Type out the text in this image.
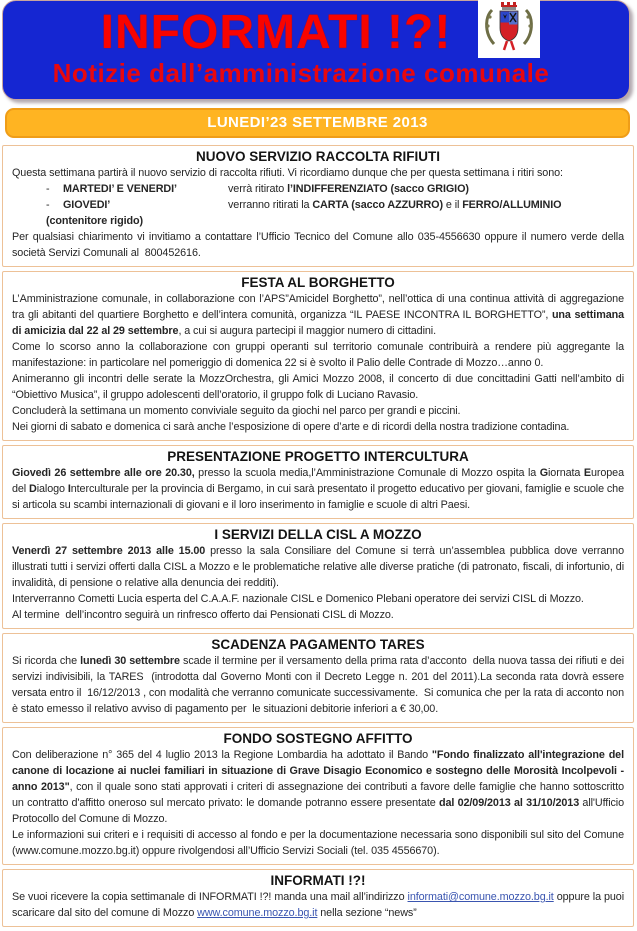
INFORMATI !?!
Notizie dall’amministrazione comunale
LUNEDI’23 SETTEMBRE 2013
NUOVO SERVIZIO RACCOLTA RIFIUTI

Questa settimana partirà il nuovo servizio di raccolta rifiuti. Vi ricordiamo dunque che per questa settimana i ritiri sono:

- MARTEDI’ E VENERDI’	verrà ritirato l’INDIFFERENZIATO (sacco GRIGIO)

- GIOVEDI’	verranno ritirati la CARTA (sacco AZZURRO) e il FERRO/ALLUMINIO (contenitore rigido)

Per qualsiasi chiarimento vi invitiamo a contattare l’Ufficio Tecnico del Comune allo 035-4556630 oppure il numero verde della società Servizi Comunali al  800452616.

FESTA AL BORGHETTO

L’Amministrazione comunale, in collaborazione con l’APS”Amicidel Borghetto”, nell’ottica di una continua attività di aggregazione tra gli abitanti del quartiere Borghetto e dell’intera comunità, organizza “IL PAESE INCONTRA IL BORGHETTO”, una settimana di amicizia dal 22 al 29 settembre, a cui si augura partecipi il maggior numero di cittadini.

Come lo scorso anno la collaborazione con gruppi operanti sul territorio comunale contribuirà a rendere più aggregante la manifestazione: in particolare nel pomeriggio di domenica 22 si è svolto il Palio delle Contrade di Mozzo…anno 0.

Animeranno gli incontri delle serate la MozzOrchestra, gli Amici Mozzo 2008, il concerto di due concittadini Gatti nell’ambito di “Obiettivo Musica”, il gruppo adolescenti dell’oratorio, il gruppo folk di Luciano Ravasio.

Concluderà la settimana un momento conviviale seguito da giochi nel parco per grandi e piccini.

Nei giorni di sabato e domenica ci sarà anche l’esposizione di opere d’arte e di ricordi della nostra tradizione contadina.

PRESENTAZIONE PROGETTO INTERCULTURA

Giovedì 26 settembre alle ore 20.30, presso la scuola media,l’Amministrazione Comunale di Mozzo ospita la Giornata Europea del Dialogo Interculturale per la provincia di Bergamo, in cui sarà presentato il progetto educativo per giovani, famiglie e scuole che si articola su scambi internazionali di giovani e il loro inserimento in famiglie e scuole di altri Paesi.

I SERVIZI DELLA CISL A MOZZO

Venerdì 27 settembre 2013 alle 15.00 presso la sala Consiliare del Comune si terrà un’assemblea pubblica dove verranno illustrati tutti i servizi offerti dalla CISL a Mozzo e le problematiche relative alle diverse pratiche (di patronato, fiscali, di infortunio, di invalidità, di pensione o relative alla denuncia dei redditi).

Interverranno Cometti Lucia esperta del C.A.A.F. nazionale CISL e Domenico Plebani operatore dei servizi CISL di Mozzo.

Al termine  dell’incontro seguirà un rinfresco offerto dai Pensionati CISL di Mozzo.

SCADENZA PAGAMENTO TARES

Si ricorda che lunedì 30 settembre scade il termine per il versamento della prima rata d’acconto  della nuova tassa dei rifiuti e dei servizi indivisibili, la TARES  (introdotta dal Governo Monti con il Decreto Legge n. 201 del 2011).La seconda rata dovrà essere versata entro il  16/12/2013 , con modalità che verranno comunicate successivamente.  Si comunica che per la rata di acconto non è stato emesso il relativo avviso di pagamento per  le situazioni debitorie inferiori a € 30,00.

FONDO SOSTEGNO AFFITTO

Con deliberazione n° 365 del 4 luglio 2013 la Regione Lombardia ha adottato il Bando "Fondo finalizzato all'integrazione del canone di locazione ai nuclei familiari in situazione di Grave Disagio Economico e sostegno delle Morosità Incolpevoli - anno 2013", con il quale sono stati approvati i criteri di assegnazione dei contributi a favore delle famiglie che hanno sottoscritto un contratto d'affitto oneroso sul mercato privato: le domande potranno essere presentate dal 02/09/2013 al 31/10/2013 all'Ufficio Protocollo del Comune di Mozzo.

Le informazioni sui criteri e i requisiti di accesso al fondo e per la documentazione necessaria sono disponibili sul sito del Comune (www.comune.mozzo.bg.it) oppure rivolgendosi all’Ufficio Servizi Sociali (tel. 035 4556670).

INFORMATI !?!

Se vuoi ricevere la copia settimanale di INFORMATI !?! manda una mail all’indirizzo informati@comune.mozzo.bg.it oppure la puoi scaricare dal sito del comune di Mozzo www.comune.mozzo.bg.it nella sezione “news”
